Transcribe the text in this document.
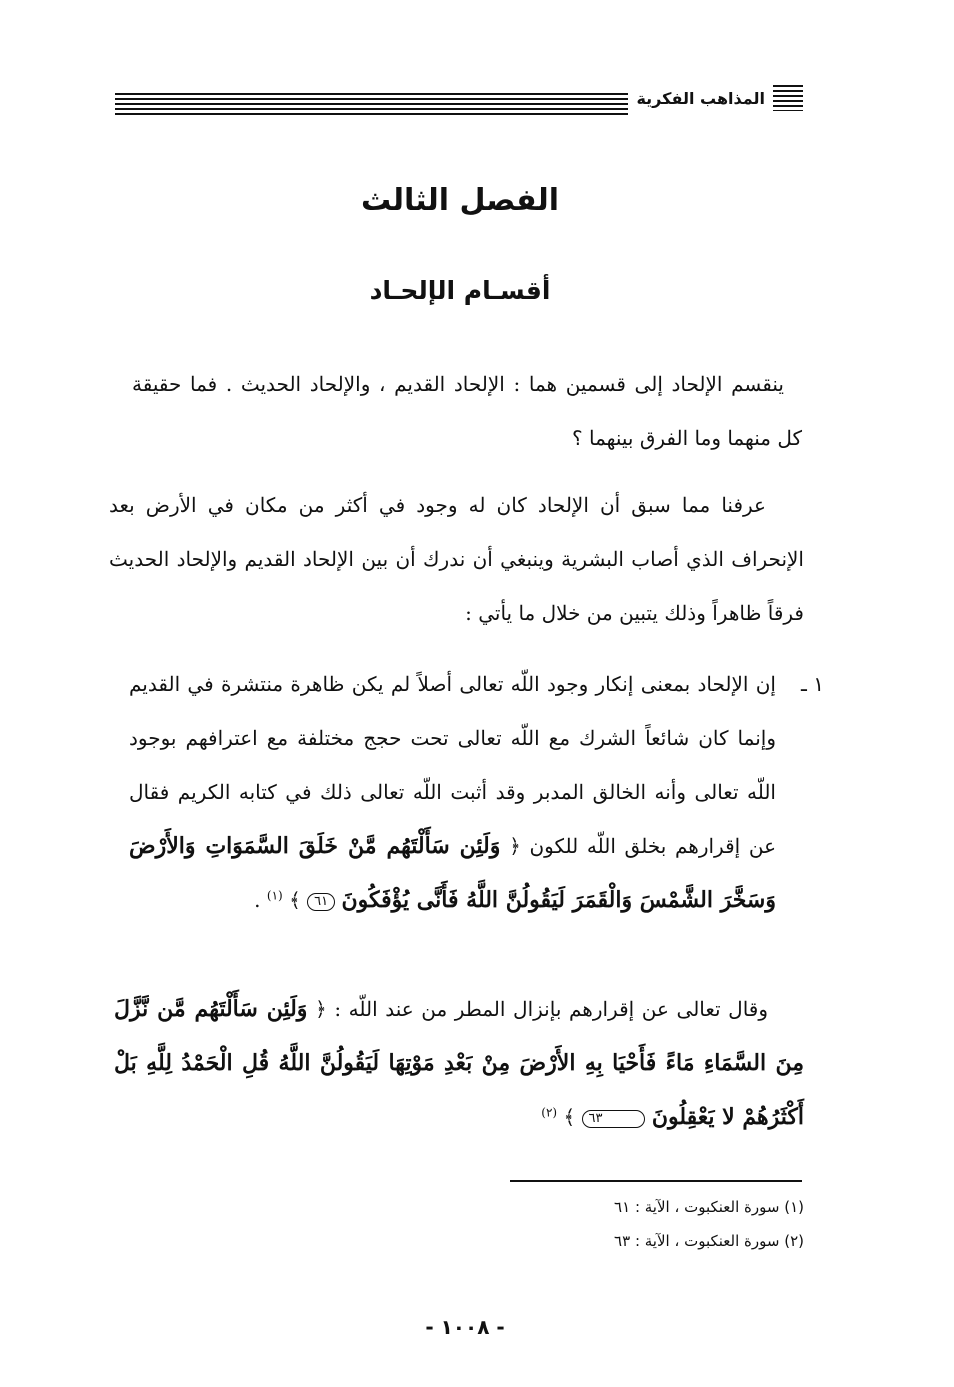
المذاهب الفكرية
الفصل الثالث
أقسـام الإلحـاد
ينقسم الإلحاد إلى قسمين هما : الإلحاد القديم ، والإلحاد الحديث . فما حقيقة كل منهما وما الفرق بينهما ؟
عرفنا مما سبق أن الإلحاد كان له وجود في أكثر من مكان في الأرض بعد الإنحراف الذي أصاب البشرية وينبغي أن ندرك أن بين الإلحاد القديم والإلحاد الحديث فرقاً ظاهراً وذلك يتبين من خلال ما يأتي :
١ ـ
إن الإلحاد بمعنى إنكار وجود اللّه تعالى أصلاً لم يكن ظاهرة منتشرة في القديم وإنما كان شائعاً الشرك مع اللّه تعالى تحت حجج مختلفة مع اعترافهم بوجود اللّه تعالى وأنه الخالق المدبر وقد أثبت اللّه تعالى ذلك في كتابه الكريم فقال عن إقرارهم بخلق اللّه للكون ﴿ وَلَئِن سَأَلْتَهُم مَّنْ خَلَقَ السَّمَوَاتِ وَالأَرْضَ وَسَخَّرَ الشَّمْسَ وَالْقَمَرَ لَيَقُولُنَّ اللَّهُ فَأَنَّى يُؤْفَكُونَ ٦١ ﴾ $^{(١)}$ .
وقال تعالى عن إقرارهم بإنزال المطر من عند اللّه : ﴿ وَلَئِن سَأَلْتَهُم مَّن نَّزَّلَ مِنَ السَّمَاءِ مَاءً فَأَحْيَا بِهِ الأَرْضَ مِنْ بَعْدِ مَوْتِهَا لَيَقُولُنَّ اللَّهُ قُلِ الْحَمْدُ لِلَّهِ بَلْ أَكْثَرُهُمْ لا يَعْقِلُونَ ٦٣ ﴾ $^{(٢)}$
(١) سورة العنكبوت ، الآية : ٦١
(٢) سورة العنكبوت ، الآية : ٦٣
- ١٠٠٨ -
